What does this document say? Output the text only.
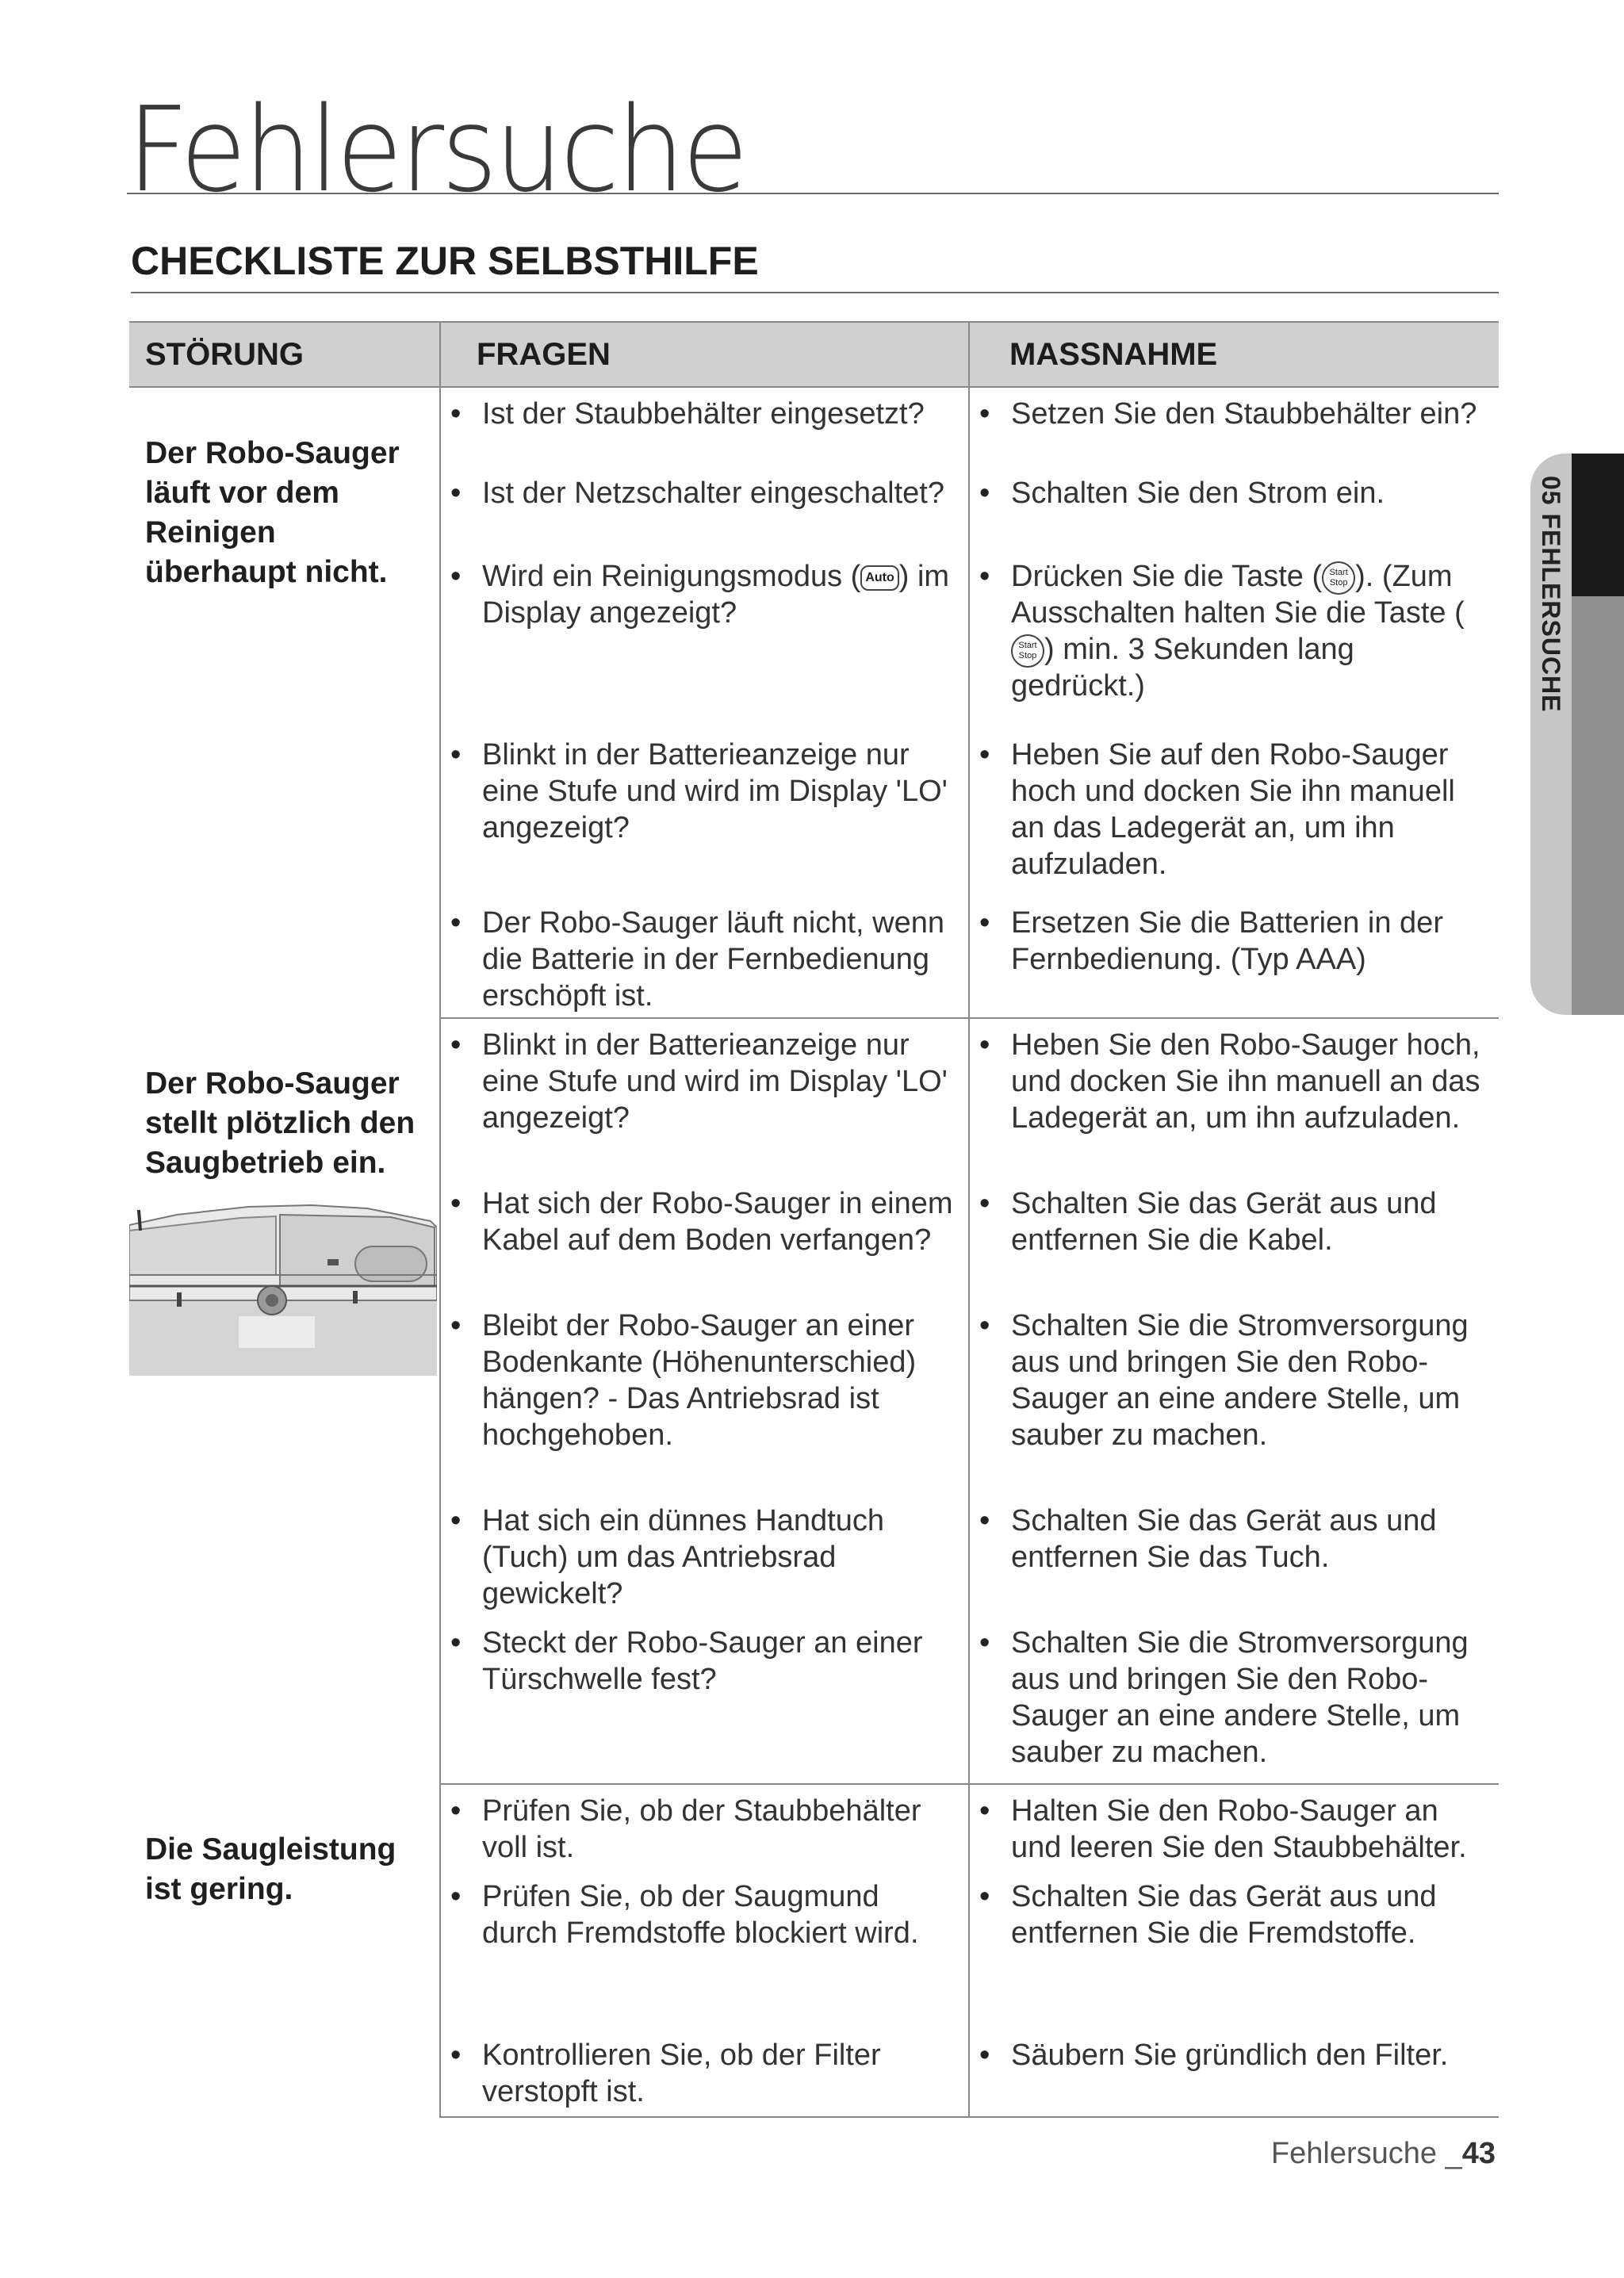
Fehlersuche
CHECKLISTE ZUR SELBSTHILFE
05 FEHLERSUCHE
STÖRUNG	FRAGEN	MASSNAHME
Der Robo-Sauger läuft vor dem Reinigen überhaupt nicht.	• Ist der Staubbehälter eingesetzt?	• Setzen Sie den Staubbehälter ein?

	• Ist der Netzschalter eingeschaltet?	• Schalten Sie den Strom ein.

	• Wird ein Reinigungsmodus ( Auto ) im Display angezeigt?	• Drücken Sie die Taste ( Start
Stop ). (Zum Ausschalten halten Sie die Taste (Start
Stop ) min. 3 Sekunden lang gedrückt.)

	• Blinkt in der Batterieanzeige nur eine Stufe und wird im Display 'LO' angezeigt?	• Heben Sie auf den Robo-Sauger hoch und docken Sie ihn manuell an das Ladegerät an, um ihn aufzuladen.

	• Der Robo-Sauger läuft nicht, wenn die Batterie in der Fernbedienung erschöpft ist.	• Ersetzen Sie die Batterien in der Fernbedienung. (Typ AAA)

Der Robo-Sauger stellt plötzlich den Saugbetrieb ein.	• Blinkt in der Batterieanzeige nur eine Stufe und wird im Display 'LO' angezeigt?	• Heben Sie den Robo-Sauger hoch, und docken Sie ihn manuell an das Ladegerät an, um ihn aufzuladen.

	• Hat sich der Robo-Sauger in einem Kabel auf dem Boden verfangen?	• Schalten Sie das Gerät aus und entfernen Sie die Kabel.

	• Bleibt der Robo-Sauger an einer Bodenkante (Höhenunterschied) hängen? - Das Antriebsrad ist hochgehoben.	• Schalten Sie die Stromversorgung aus und bringen Sie den Robo-Sauger an eine andere Stelle, um sauber zu machen.

	• Hat sich ein dünnes Handtuch (Tuch) um das Antriebsrad gewickelt?	• Schalten Sie das Gerät aus und entfernen Sie das Tuch.

	• Steckt der Robo-Sauger an einer Türschwelle fest?	• Schalten Sie die Stromversorgung aus und bringen Sie den Robo-Sauger an eine andere Stelle, um sauber zu machen.

Die Saugleistung ist gering.	• Prüfen Sie, ob der Staubbehälter voll ist.	• Halten Sie den Robo-Sauger an und leeren Sie den Staubbehälter.

	• Prüfen Sie, ob der Saugmund durch Fremdstoffe blockiert wird.	• Schalten Sie das Gerät aus und entfernen Sie die Fremdstoffe.

	• Kontrollieren Sie, ob der Filter verstopft ist.	• Säubern Sie gründlich den Filter.
Fehlersuche _43
